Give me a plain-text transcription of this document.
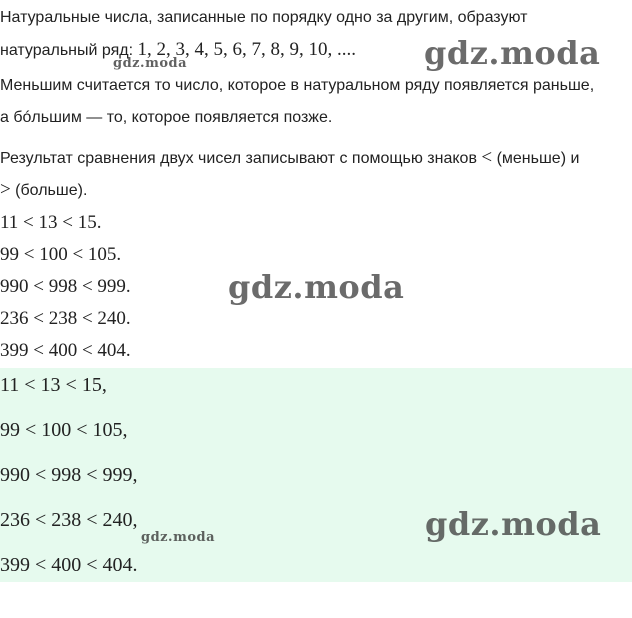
Натуральные числа, записанные по порядку одно за другим, образуют

натуральный ряд: 1, 2, 3, 4, 5, 6, 7, 8, 9, 10, ....

Меньшим считается то число, которое в натуральном ряду появляется раньше,

а бóльшим — то, которое появляется позже.

Результат сравнения двух чисел записывают с помощью знаков < (меньше) и

> (больше).

11 < 13 < 15.
99 < 100 < 105.
990 < 998 < 999.
236 < 238 < 240.
399 < 400 < 404.
11 < 13 < 15,
99 < 100 < 105,
990 < 998 < 999,
236 < 238 < 240,
399 < 400 < 404.
gdz.moda
gdz.moda
gdz.moda
gdz.moda
gdz.moda
